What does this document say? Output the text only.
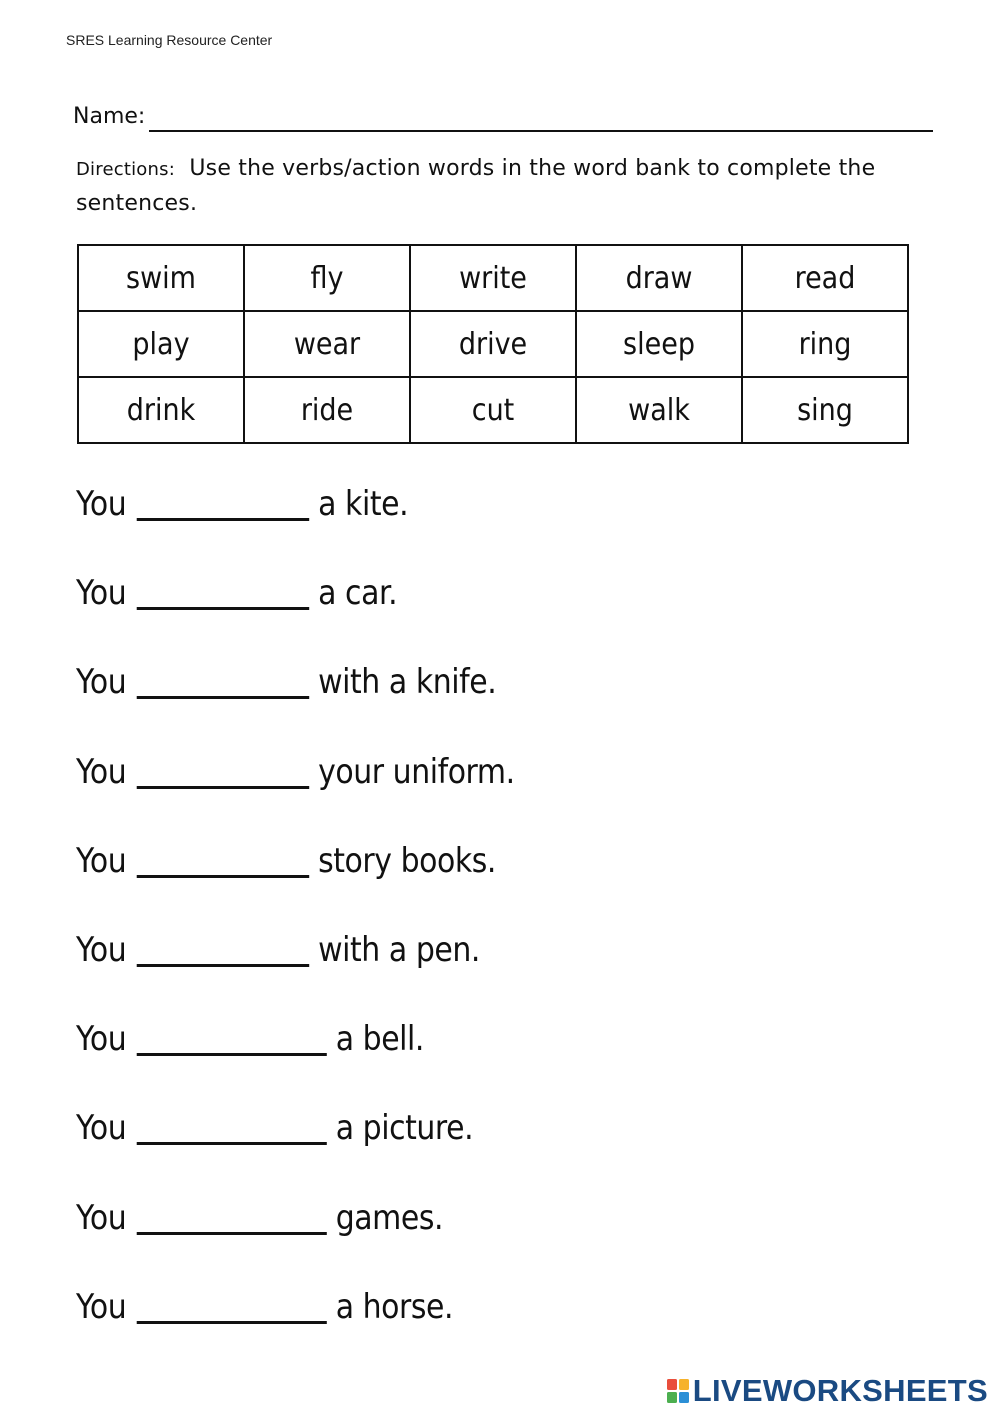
SRES Learning Resource Center
Name:
Directions: Use the verbs/action words in the word bank to complete the sentences.
swim	fly	write	draw	read
play	wear	drive	sleep	ring
drink	ride	cut	walk	sing
You	a kite.
You	a car.
You	with a knife.
You	your uniform.
You	story books.
You	with a pen.
You	a bell.
You	a picture.
You	games.
You	a horse.
LIVEWORKSHEETS
